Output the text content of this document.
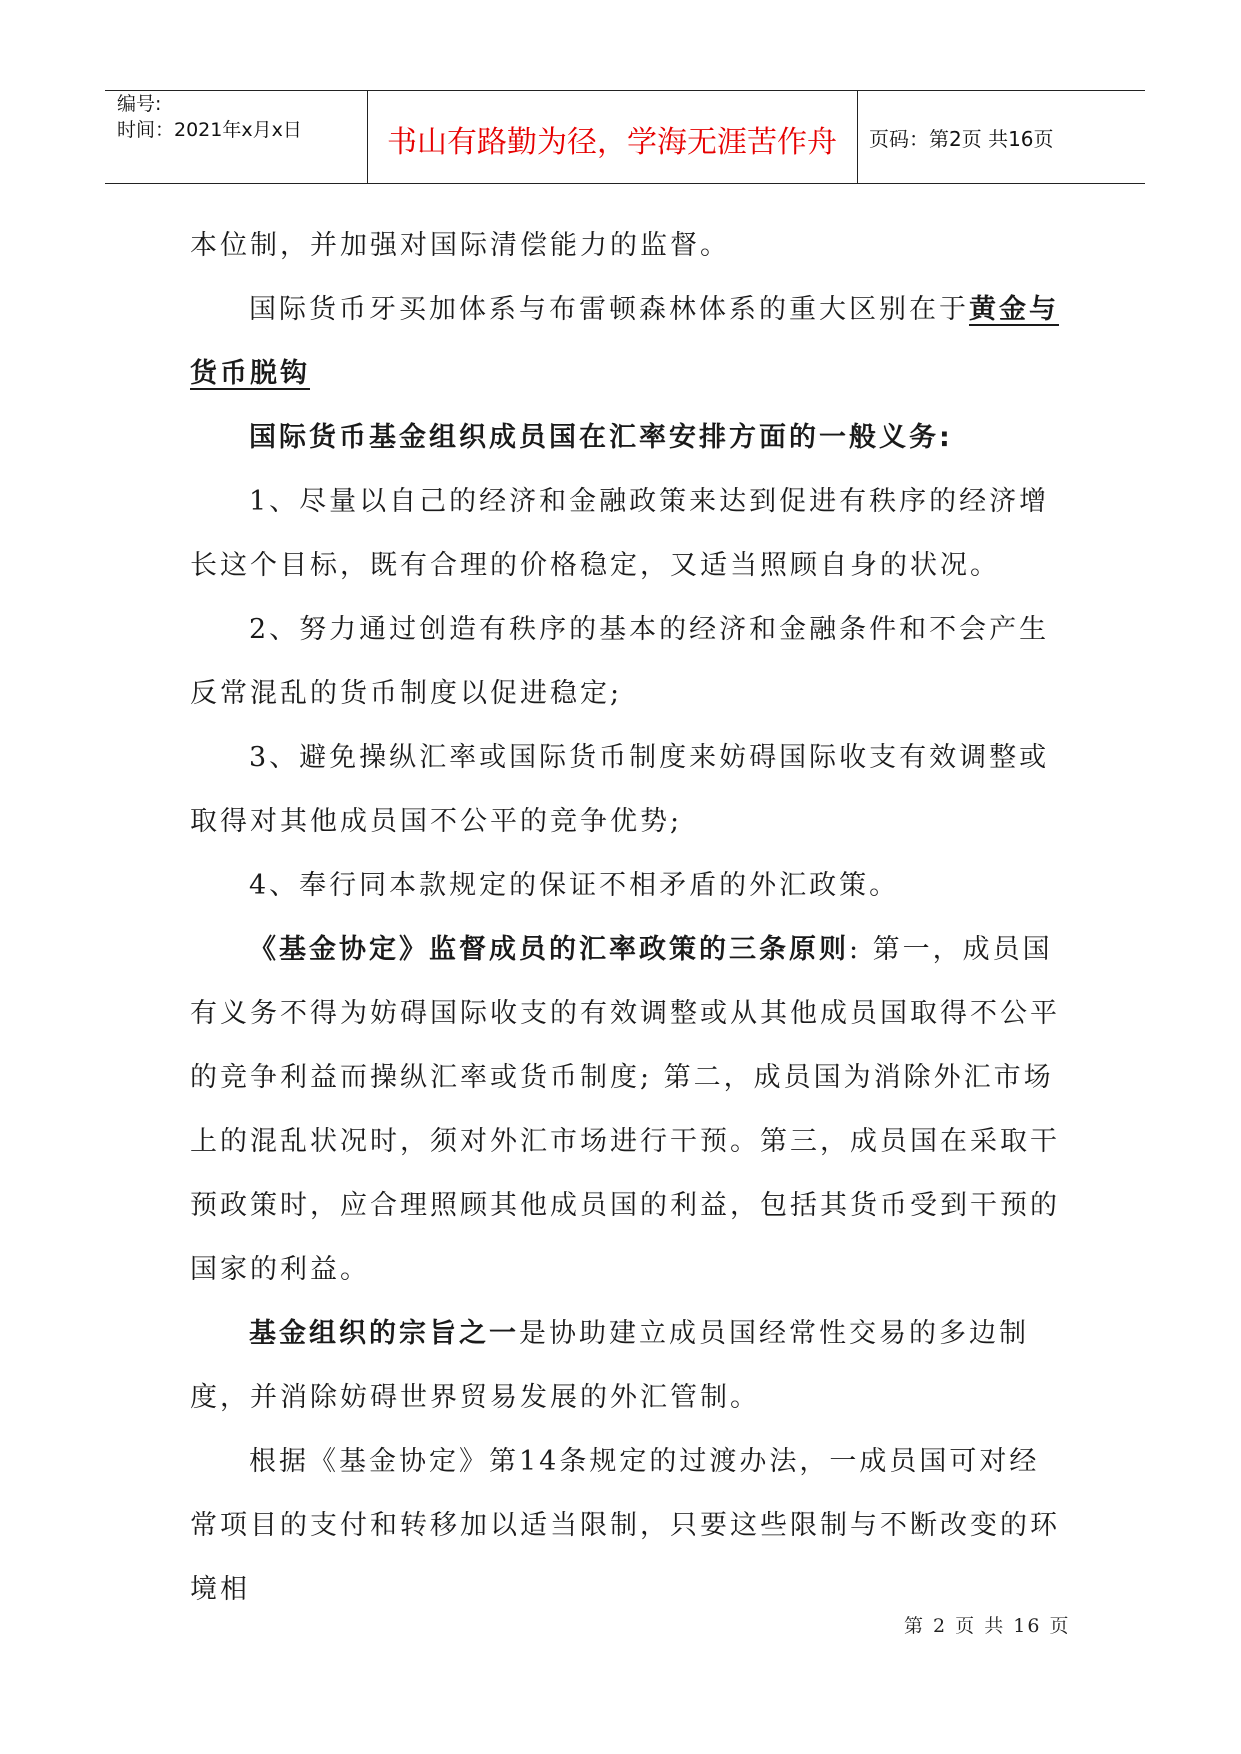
编号:
时间：2021年x月x日	书山有路勤为径，学海无涯苦作舟	页码：第2页 共16页

本位制，并加强对国际清偿能力的监督。

国际货币牙买加体系与布雷顿森林体系的重大区别在于黄金与货币脱钩

国际货币基金组织成员国在汇率安排方面的一般义务:

1、尽量以自己的经济和金融政策来达到促进有秩序的经济增长这个目标，既有合理的价格稳定，又适当照顾自身的状况。

2、努力通过创造有秩序的基本的经济和金融条件和不会产生反常混乱的货币制度以促进稳定;

3、避免操纵汇率或国际货币制度来妨碍国际收支有效调整或取得对其他成员国不公平的竞争优势;

4、奉行同本款规定的保证不相矛盾的外汇政策。

《基金协定》监督成员的汇率政策的三条原则: 第一，成员国有义务不得为妨碍国际收支的有效调整或从其他成员国取得不公平的竞争利益而操纵汇率或货币制度; 第二，成员国为消除外汇市场上的混乱状况时，须对外汇市场进行干预。第三，成员国在采取干预政策时，应合理照顾其他成员国的利益，包括其货币受到干预的国家的利益。

基金组织的宗旨之一是协助建立成员国经常性交易的多边制度，并消除妨碍世界贸易发展的外汇管制。

根据《基金协定》第14条规定的过渡办法，一成员国可对经常项目的支付和转移加以适当限制，只要这些限制与不断改变的环境相

第 2 页 共 16 页
